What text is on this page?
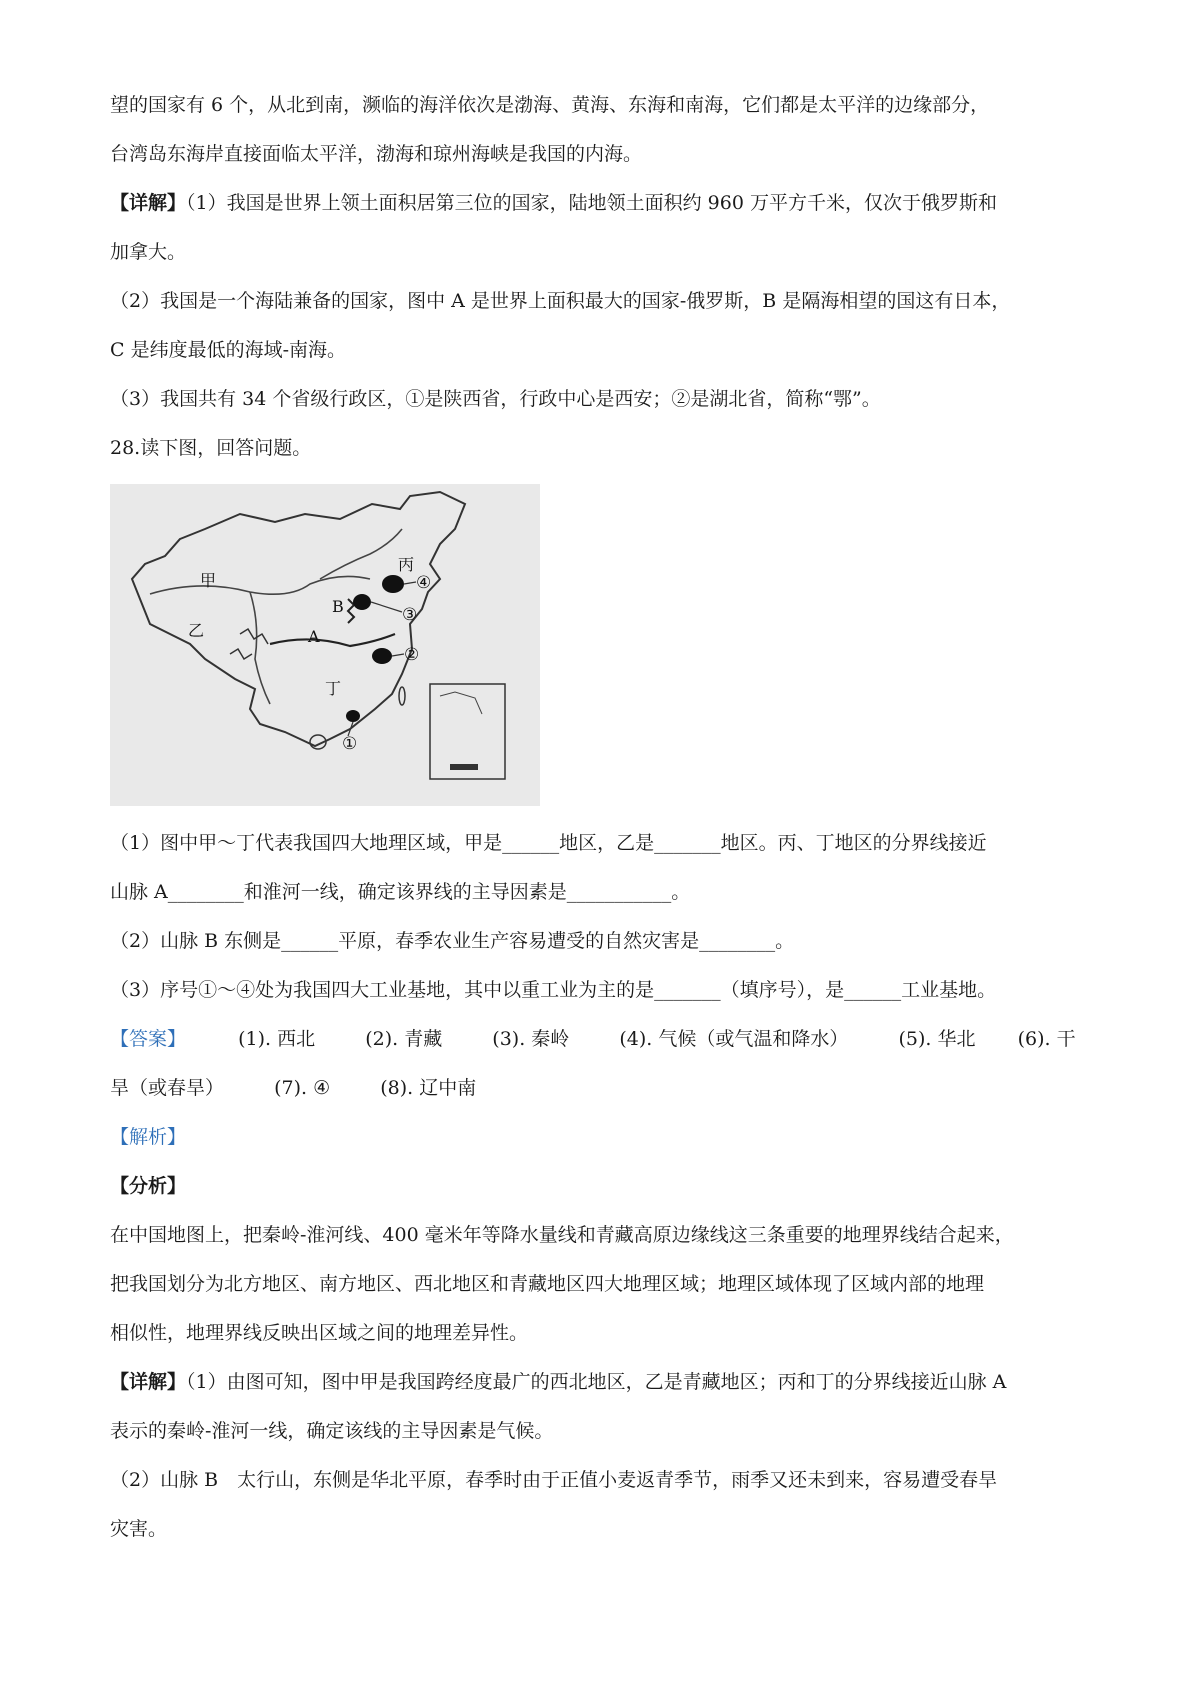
望的国家有 6 个，从北到南，濒临的海洋依次是渤海、黄海、东海和南海，它们都是太平洋的边缘部分，
台湾岛东海岸直接面临太平洋，渤海和琼州海峡是我国的内海。
【详解】（1）我国是世界上领土面积居第三位的国家，陆地领土面积约 960 万平方千米，仅次于俄罗斯和
加拿大。
（2）我国是一个海陆兼备的国家，图中 A 是世界上面积最大的国家-俄罗斯，B 是隔海相望的国这有日本，
C 是纬度最低的海域-南海。
（3）我国共有 34 个省级行政区，①是陕西省，行政中心是西安；②是湖北省，简称“鄂”。
28.读下图，回答问题。
甲
乙
丙
丁
A
B
④
③
②
①
（1）图中甲～丁代表我国四大地理区域，甲是______地区，乙是_______地区。丙、丁地区的分界线接近
山脉 A________和淮河一线，确定该界线的主导因素是___________。
（2）山脉 B 东侧是______平原，春季农业生产容易遭受的自然灾害是________。
（3）序号①～④处为我国四大工业基地，其中以重工业为主的是_______（填序号），是______工业基地。
【答案】	(1). 西北	(2). 青藏	(3). 秦岭	(4). 气候（或气温和降水）	(5). 华北 (6). 干
旱（或春旱）	(7). ④	(8). 辽中南
【解析】
【分析】
在中国地图上，把秦岭-淮河线、400 毫米年等降水量线和青藏高原边缘线这三条重要的地理界线结合起来，
把我国划分为北方地区、南方地区、西北地区和青藏地区四大地理区域；地理区域体现了区域内部的地理
相似性，地理界线反映出区域之间的地理差异性。
【详解】（1）由图可知，图中甲是我国跨经度最广的西北地区，乙是青藏地区；丙和丁的分界线接近山脉 A
表示的秦岭-淮河一线，确定该线的主导因素是气候。
（2）山脉 B　太行山，东侧是华北平原，春季时由于正值小麦返青季节，雨季又还未到来，容易遭受春旱
灾害。
